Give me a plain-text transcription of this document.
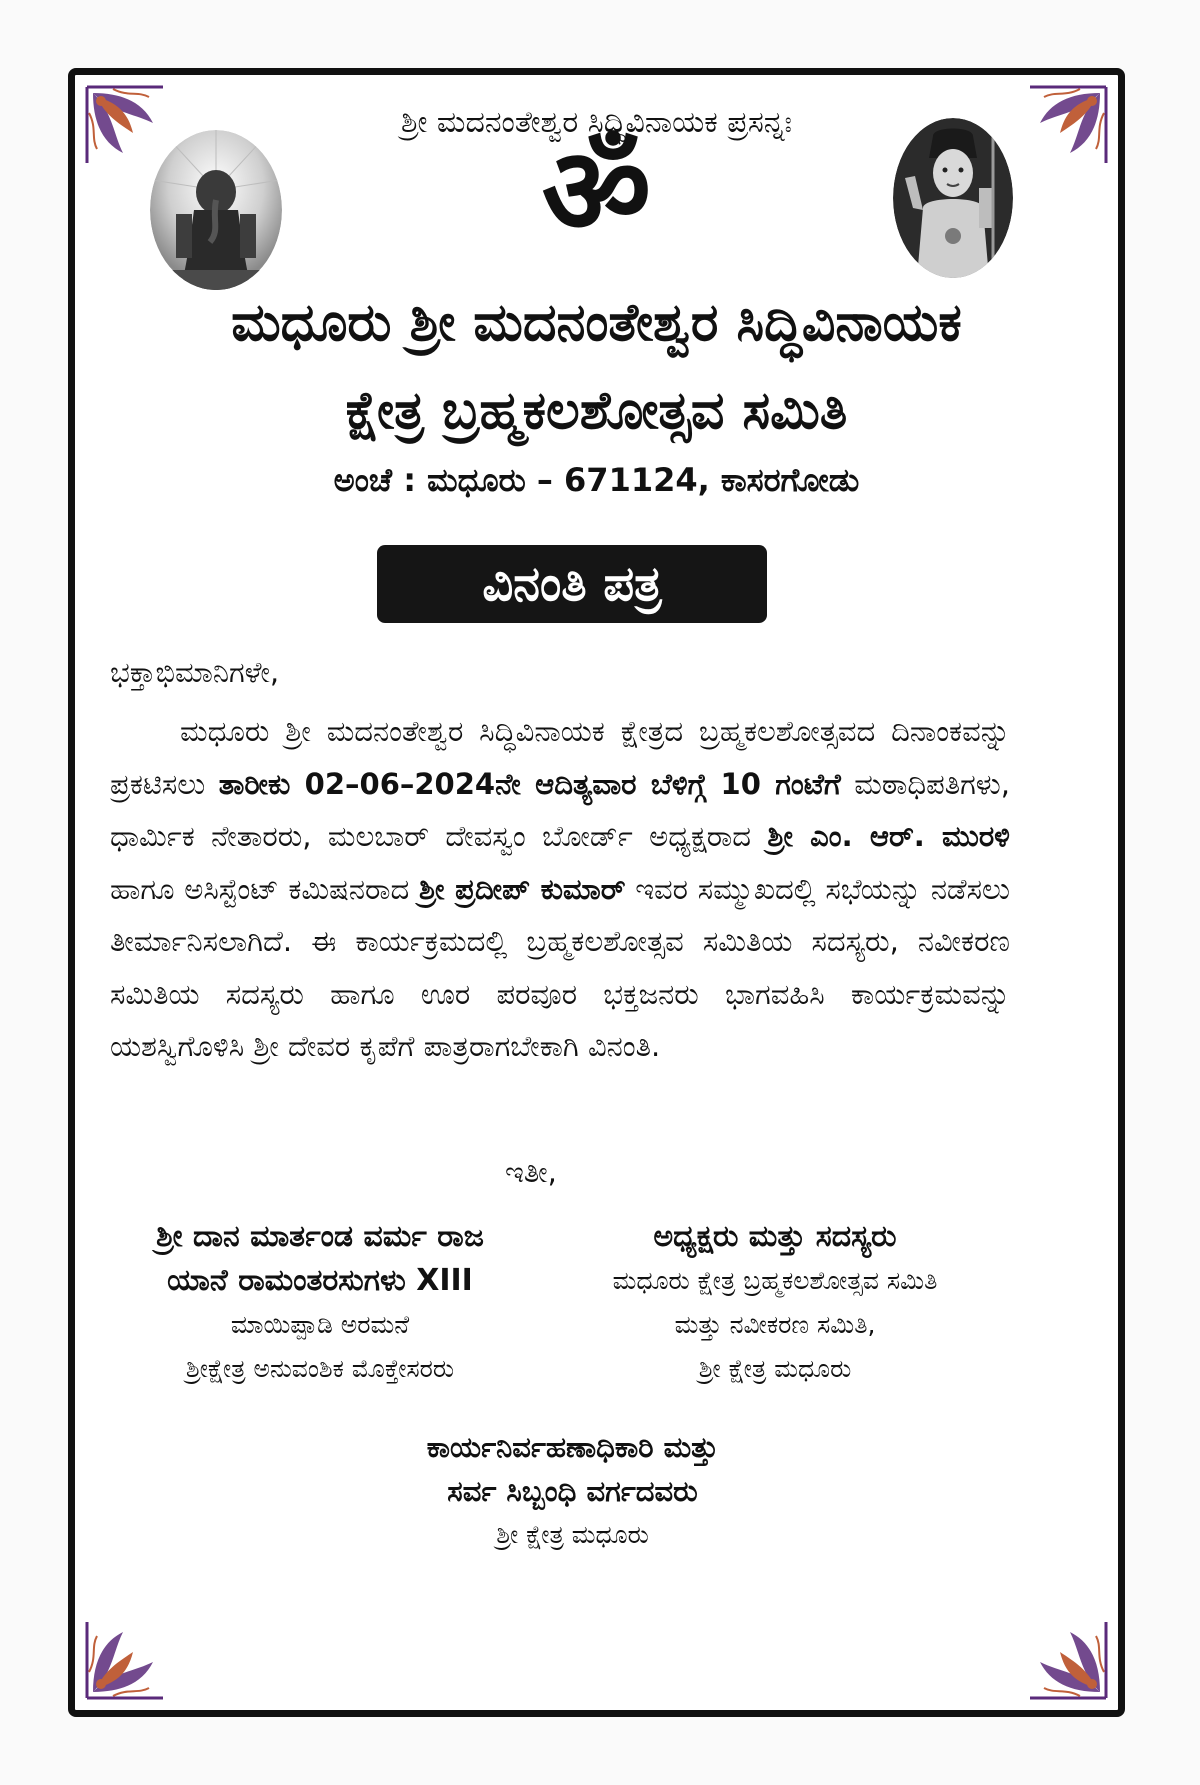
ಶ್ರೀ ಮದನಂತೇಶ್ವರ ಸಿದ್ಧಿವಿನಾಯಕ ಪ್ರಸನ್ನಃ
ॐ
ಮಧೂರು ಶ್ರೀ ಮದನಂತೇಶ್ವರ ಸಿದ್ಧಿವಿನಾಯಕ
ಕ್ಷೇತ್ರ ಬ್ರಹ್ಮಕಲಶೋತ್ಸವ ಸಮಿತಿ
ಅಂಚೆ : ಮಧೂರು – 671124, ಕಾಸರಗೋಡು
ವಿನಂತಿ ಪತ್ರ
ಭಕ್ತಾಭಿಮಾನಿಗಳೇ,
ಮಧೂರು ಶ್ರೀ ಮದನಂತೇಶ್ವರ ಸಿದ್ಧಿವಿನಾಯಕ ಕ್ಷೇತ್ರದ ಬ್ರಹ್ಮಕಲಶೋತ್ಸವದ ದಿನಾಂಕವನ್ನು ಪ್ರಕಟಿಸಲು ತಾರೀಕು 02–06–2024ನೇ ಆದಿತ್ಯವಾರ ಬೆಳಿಗ್ಗೆ 10 ಗಂಟೆಗೆ ಮಠಾಧಿಪತಿಗಳು, ಧಾರ್ಮಿಕ ನೇತಾರರು, ಮಲಬಾರ್ ದೇವಸ್ವಂ ಬೋರ್ಡ್ ಅಧ್ಯಕ್ಷರಾದ ಶ್ರೀ ಎಂ. ಆರ್. ಮುರಳಿ ಹಾಗೂ ಅಸಿಸ್ಟೆಂಟ್ ಕಮಿಷನರಾದ ಶ್ರೀ ಪ್ರದೀಪ್ ಕುಮಾರ್ ಇವರ ಸಮ್ಮುಖದಲ್ಲಿ ಸಭೆಯನ್ನು ನಡೆಸಲು ತೀರ್ಮಾನಿಸಲಾಗಿದೆ. ಈ ಕಾರ್ಯಕ್ರಮದಲ್ಲಿ ಬ್ರಹ್ಮಕಲಶೋತ್ಸವ ಸಮಿತಿಯ ಸದಸ್ಯರು, ನವೀಕರಣ ಸಮಿತಿಯ ಸದಸ್ಯರು ಹಾಗೂ ಊರ ಪರವೂರ ಭಕ್ತಜನರು ಭಾಗವಹಿಸಿ ಕಾರ್ಯಕ್ರಮವನ್ನು ಯಶಸ್ವಿಗೊಳಿಸಿ ಶ್ರೀ ದೇವರ ಕೃಪೆಗೆ ಪಾತ್ರರಾಗಬೇಕಾಗಿ ವಿನಂತಿ.
ಇತೀ,
ಶ್ರೀ ದಾನ ಮಾರ್ತಂಡ ವರ್ಮ ರಾಜ
ಯಾನೆ ರಾಮಂತರಸುಗಳು XIII
ಮಾಯಿಪ್ಪಾಡಿ ಅರಮನೆ
ಶ್ರೀಕ್ಷೇತ್ರ ಅನುವಂಶಿಕ ಮೊಕ್ತೇಸರರು
ಅಧ್ಯಕ್ಷರು ಮತ್ತು ಸದಸ್ಯರು
ಮಧೂರು ಕ್ಷೇತ್ರ ಬ್ರಹ್ಮಕಲಶೋತ್ಸವ ಸಮಿತಿ
ಮತ್ತು ನವೀಕರಣ ಸಮಿತಿ,
ಶ್ರೀ ಕ್ಷೇತ್ರ ಮಧೂರು
ಕಾರ್ಯನಿರ್ವಹಣಾಧಿಕಾರಿ ಮತ್ತು
ಸರ್ವ ಸಿಬ್ಬಂಧಿ ವರ್ಗದವರು
ಶ್ರೀ ಕ್ಷೇತ್ರ ಮಧೂರು
